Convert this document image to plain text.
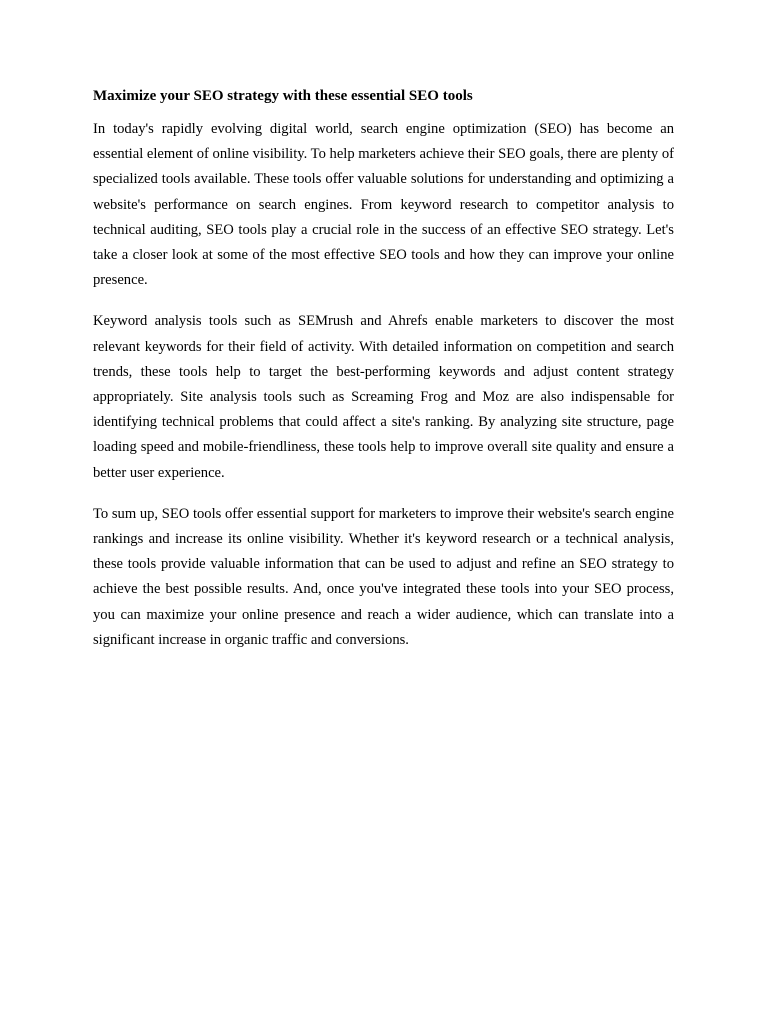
Maximize your SEO strategy with these essential SEO tools

In today's rapidly evolving digital world, search engine optimization (SEO) has become an essential element of online visibility. To help marketers achieve their SEO goals, there are plenty of specialized tools available. These tools offer valuable solutions for understanding and optimizing a website's performance on search engines. From keyword research to competitor analysis to technical auditing, SEO tools play a crucial role in the success of an effective SEO strategy. Let's take a closer look at some of the most effective SEO tools and how they can improve your online presence.

Keyword analysis tools such as SEMrush and Ahrefs enable marketers to discover the most relevant keywords for their field of activity. With detailed information on competition and search trends, these tools help to target the best-performing keywords and adjust content strategy appropriately. Site analysis tools such as Screaming Frog and Moz are also indispensable for identifying technical problems that could affect a site's ranking. By analyzing site structure, page loading speed and mobile-friendliness, these tools help to improve overall site quality and ensure a better user experience.

To sum up, SEO tools offer essential support for marketers to improve their website's search engine rankings and increase its online visibility. Whether it's keyword research or a technical analysis, these tools provide valuable information that can be used to adjust and refine an SEO strategy to achieve the best possible results. And, once you've integrated these tools into your SEO process, you can maximize your online presence and reach a wider audience, which can translate into a significant increase in organic traffic and conversions.
